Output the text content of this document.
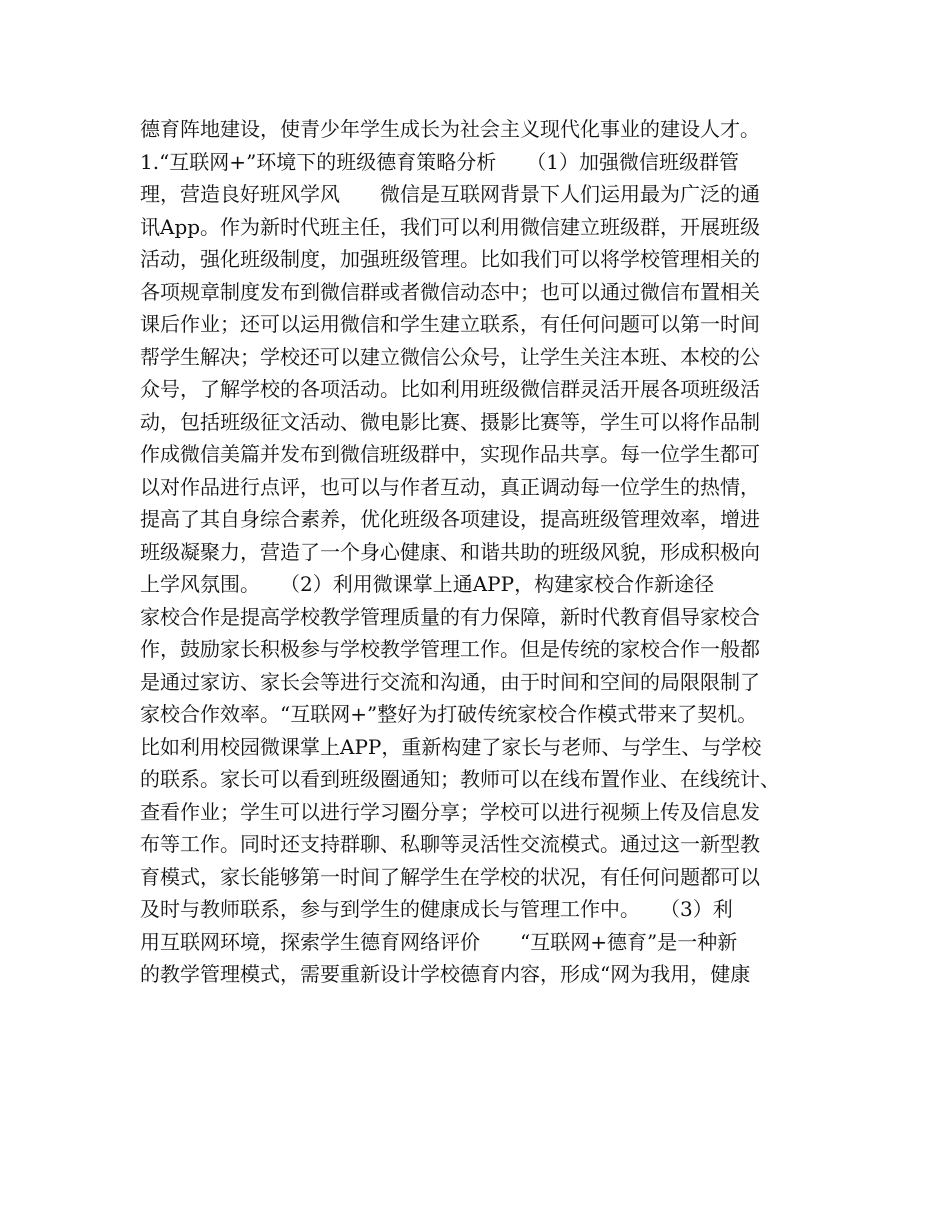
德育阵地建设，使青少年学生成长为社会主义现代化事业的建设人才。
1.“互联网+”环境下的班级德育策略分析　　（1）加强微信班级群管
理，营造良好班风学风　　微信是互联网背景下人们运用最为广泛的通
讯App。作为新时代班主任，我们可以利用微信建立班级群，开展班级
活动，强化班级制度，加强班级管理。比如我们可以将学校管理相关的
各项规章制度发布到微信群或者微信动态中；也可以通过微信布置相关
课后作业；还可以运用微信和学生建立联系，有任何问题可以第一时间
帮学生解决；学校还可以建立微信公众号，让学生关注本班、本校的公
众号，了解学校的各项活动。比如利用班级微信群灵活开展各项班级活
动，包括班级征文活动、微电影比赛、摄影比赛等，学生可以将作品制
作成微信美篇并发布到微信班级群中，实现作品共享。每一位学生都可
以对作品进行点评，也可以与作者互动，真正调动每一位学生的热情，
提高了其自身综合素养，优化班级各项建设，提高班级管理效率，增进
班级凝聚力，营造了一个身心健康、和谐共助的班级风貌，形成积极向
上学风氛围。　　（2）利用微课掌上通APP，构建家校合作新途径
家校合作是提高学校教学管理质量的有力保障，新时代教育倡导家校合
作，鼓励家长积极参与学校教学管理工作。但是传统的家校合作一般都
是通过家访、家长会等进行交流和沟通，由于时间和空间的局限限制了
家校合作效率。“互联网+”整好为打破传统家校合作模式带来了契机。
比如利用校园微课掌上APP，重新构建了家长与老师、与学生、与学校
的联系。家长可以看到班级圈通知；教师可以在线布置作业、在线统计、
查看作业；学生可以进行学习圈分享；学校可以进行视频上传及信息发
布等工作。同时还支持群聊、私聊等灵活性交流模式。通过这一新型教
育模式，家长能够第一时间了解学生在学校的状况，有任何问题都可以
及时与教师联系，参与到学生的健康成长与管理工作中。　　（3）利
用互联网环境，探索学生德育网络评价　　“互联网+德育”是一种新
的教学管理模式，需要重新设计学校德育内容，形成“网为我用，健康
